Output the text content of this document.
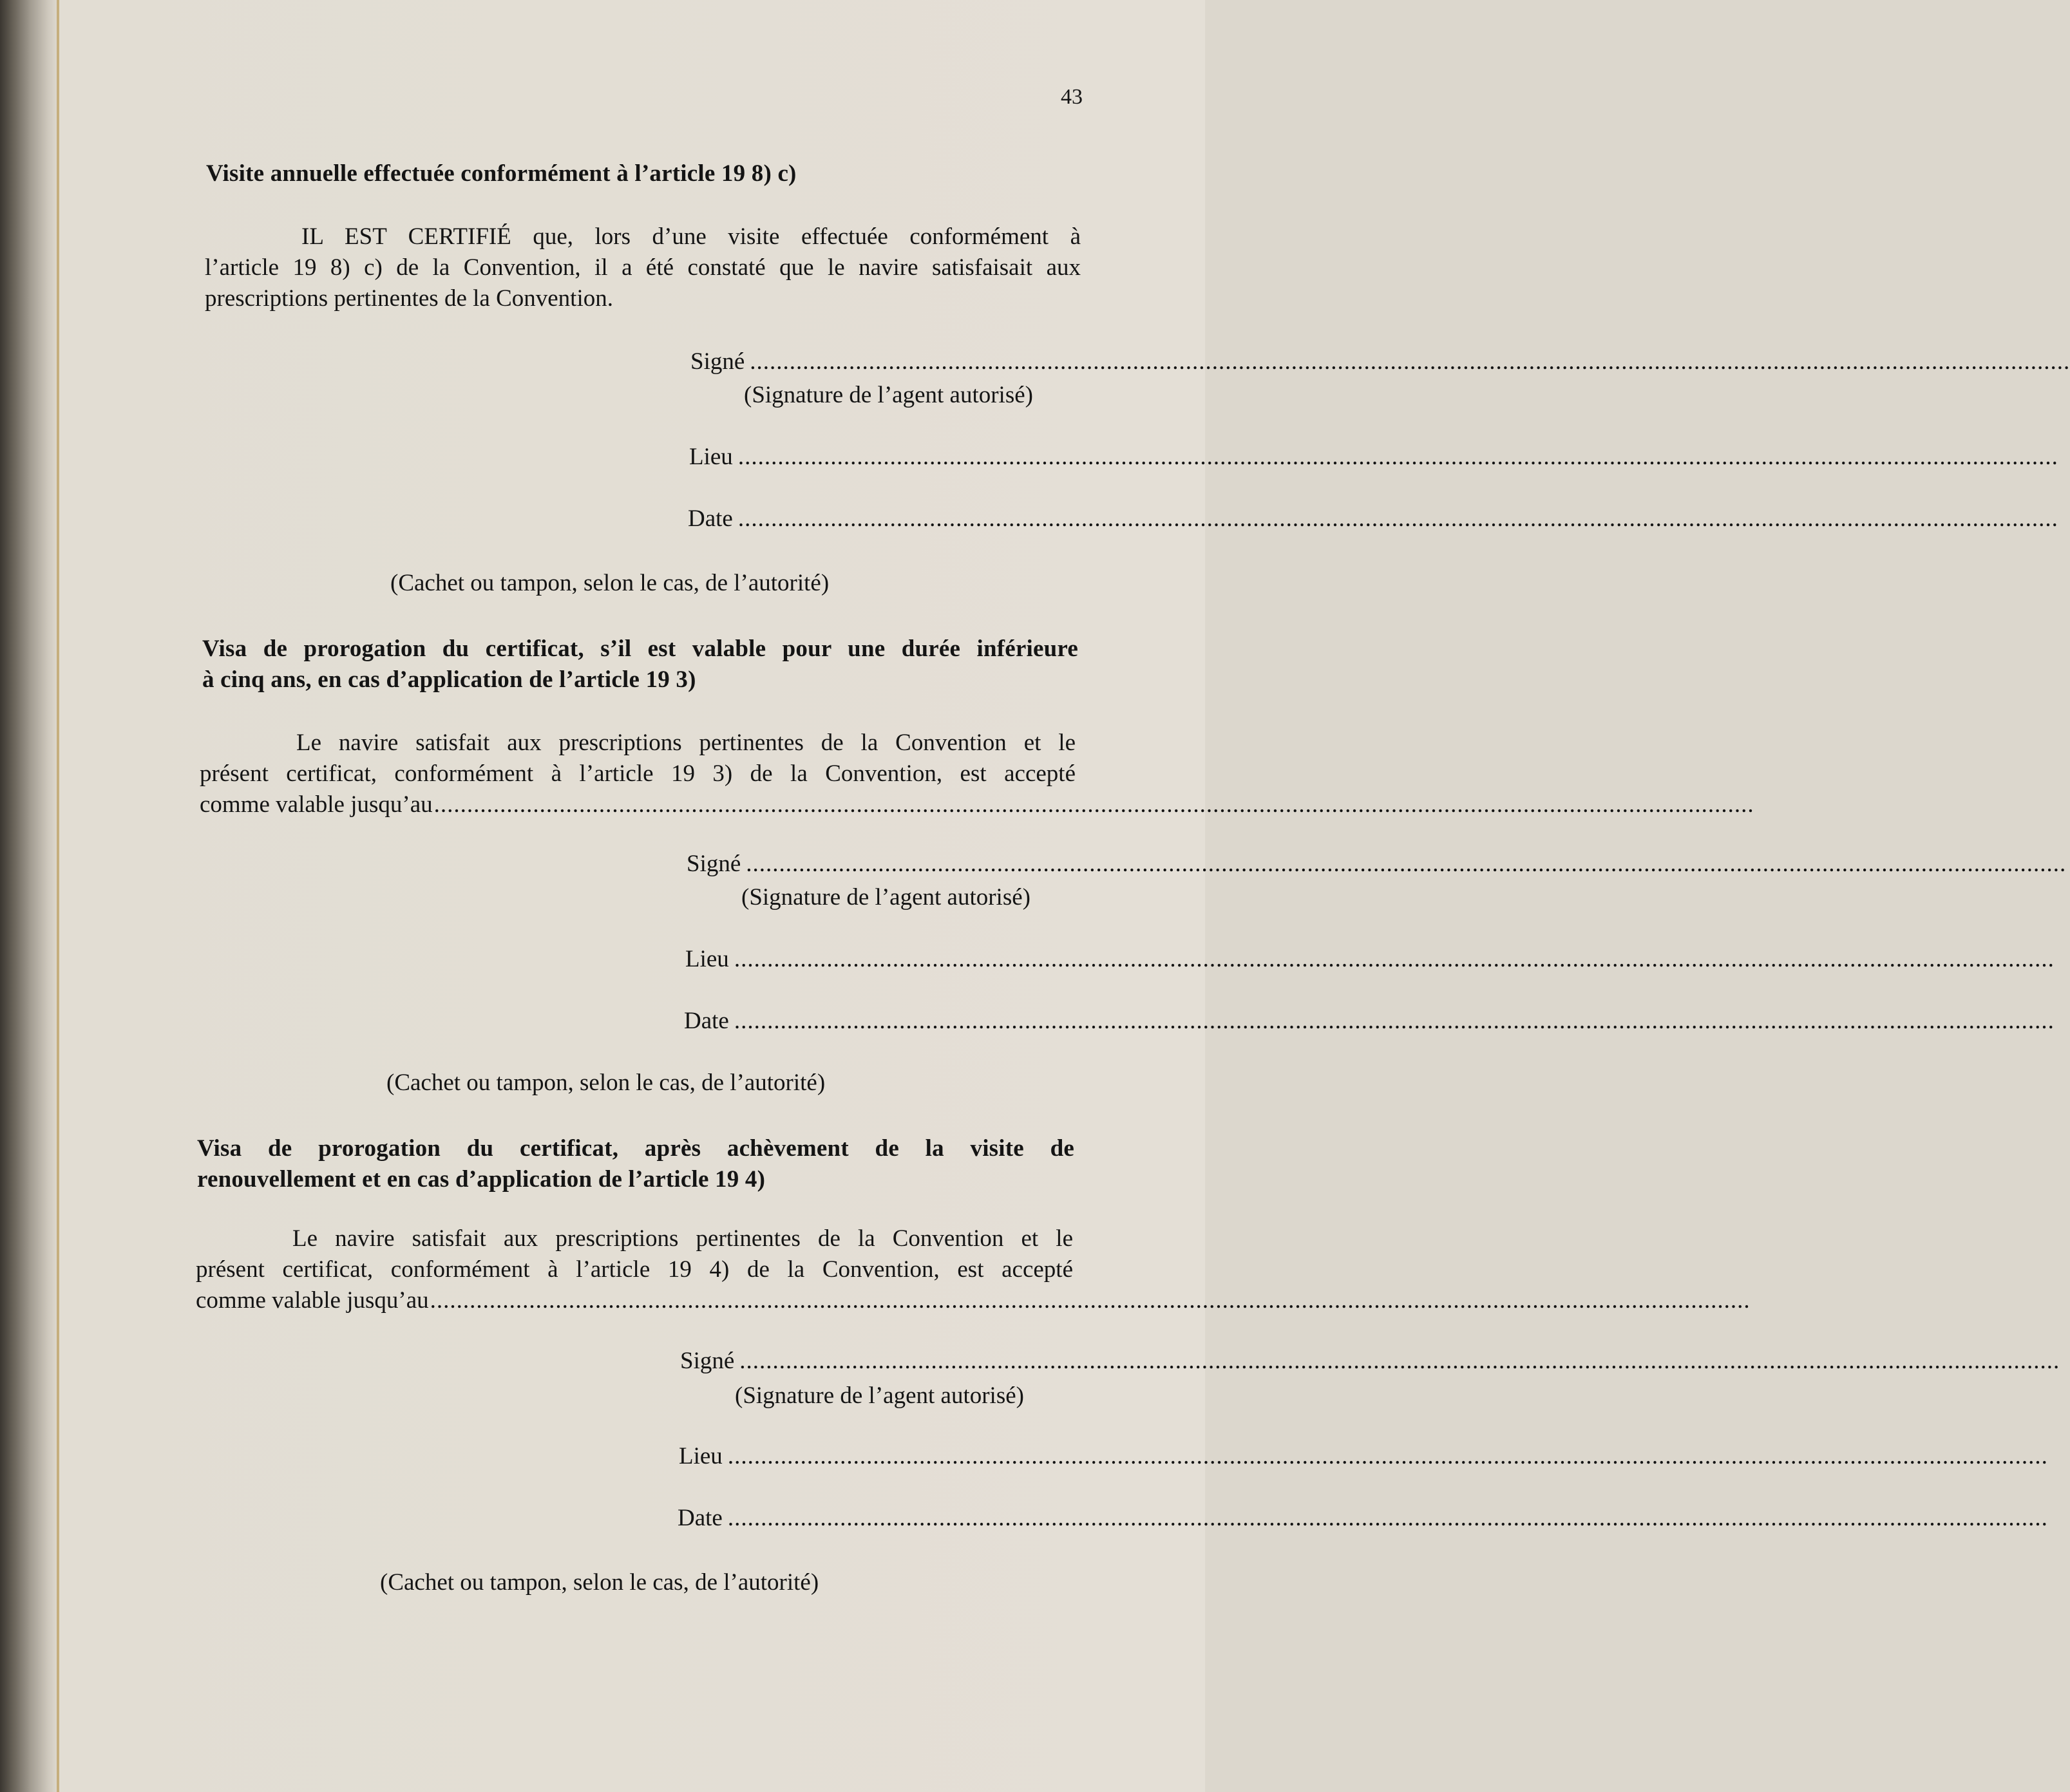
43
Visite annuelle effectuée conformément à l’article 19 8) c)
IL EST CERTIFIÉ que, lors d’une visite effectuée conformément à
l’article 19 8) c) de la Convention, il a été constaté que le navire satisfaisait aux
prescriptions pertinentes de la Convention.
Signé ........................................................................................................................................................................................................
(Signature de l’agent autorisé)
Lieu ........................................................................................................................................................................................................
Date ........................................................................................................................................................................................................
(Cachet ou tampon, selon le cas, de l’autorité)
Visa de prorogation du certificat, s’il est valable pour une durée inférieure
à cinq ans, en cas d’application de l’article 19 3)
Le navire satisfait aux prescriptions pertinentes de la Convention et le
présent certificat, conformément à l’article 19 3) de la Convention, est accepté
comme valable jusqu’au ........................................................................................................................................................................................................
Signé ........................................................................................................................................................................................................
(Signature de l’agent autorisé)
Lieu ........................................................................................................................................................................................................
Date ........................................................................................................................................................................................................
(Cachet ou tampon, selon le cas, de l’autorité)
Visa de prorogation du certificat, après achèvement de la visite de
renouvellement et en cas d’application de l’article 19 4)
Le navire satisfait aux prescriptions pertinentes de la Convention et le
présent certificat, conformément à l’article 19 4) de la Convention, est accepté
comme valable jusqu’au ........................................................................................................................................................................................................
Signé ........................................................................................................................................................................................................
(Signature de l’agent autorisé)
Lieu ........................................................................................................................................................................................................
Date ........................................................................................................................................................................................................
(Cachet ou tampon, selon le cas, de l’autorité)
